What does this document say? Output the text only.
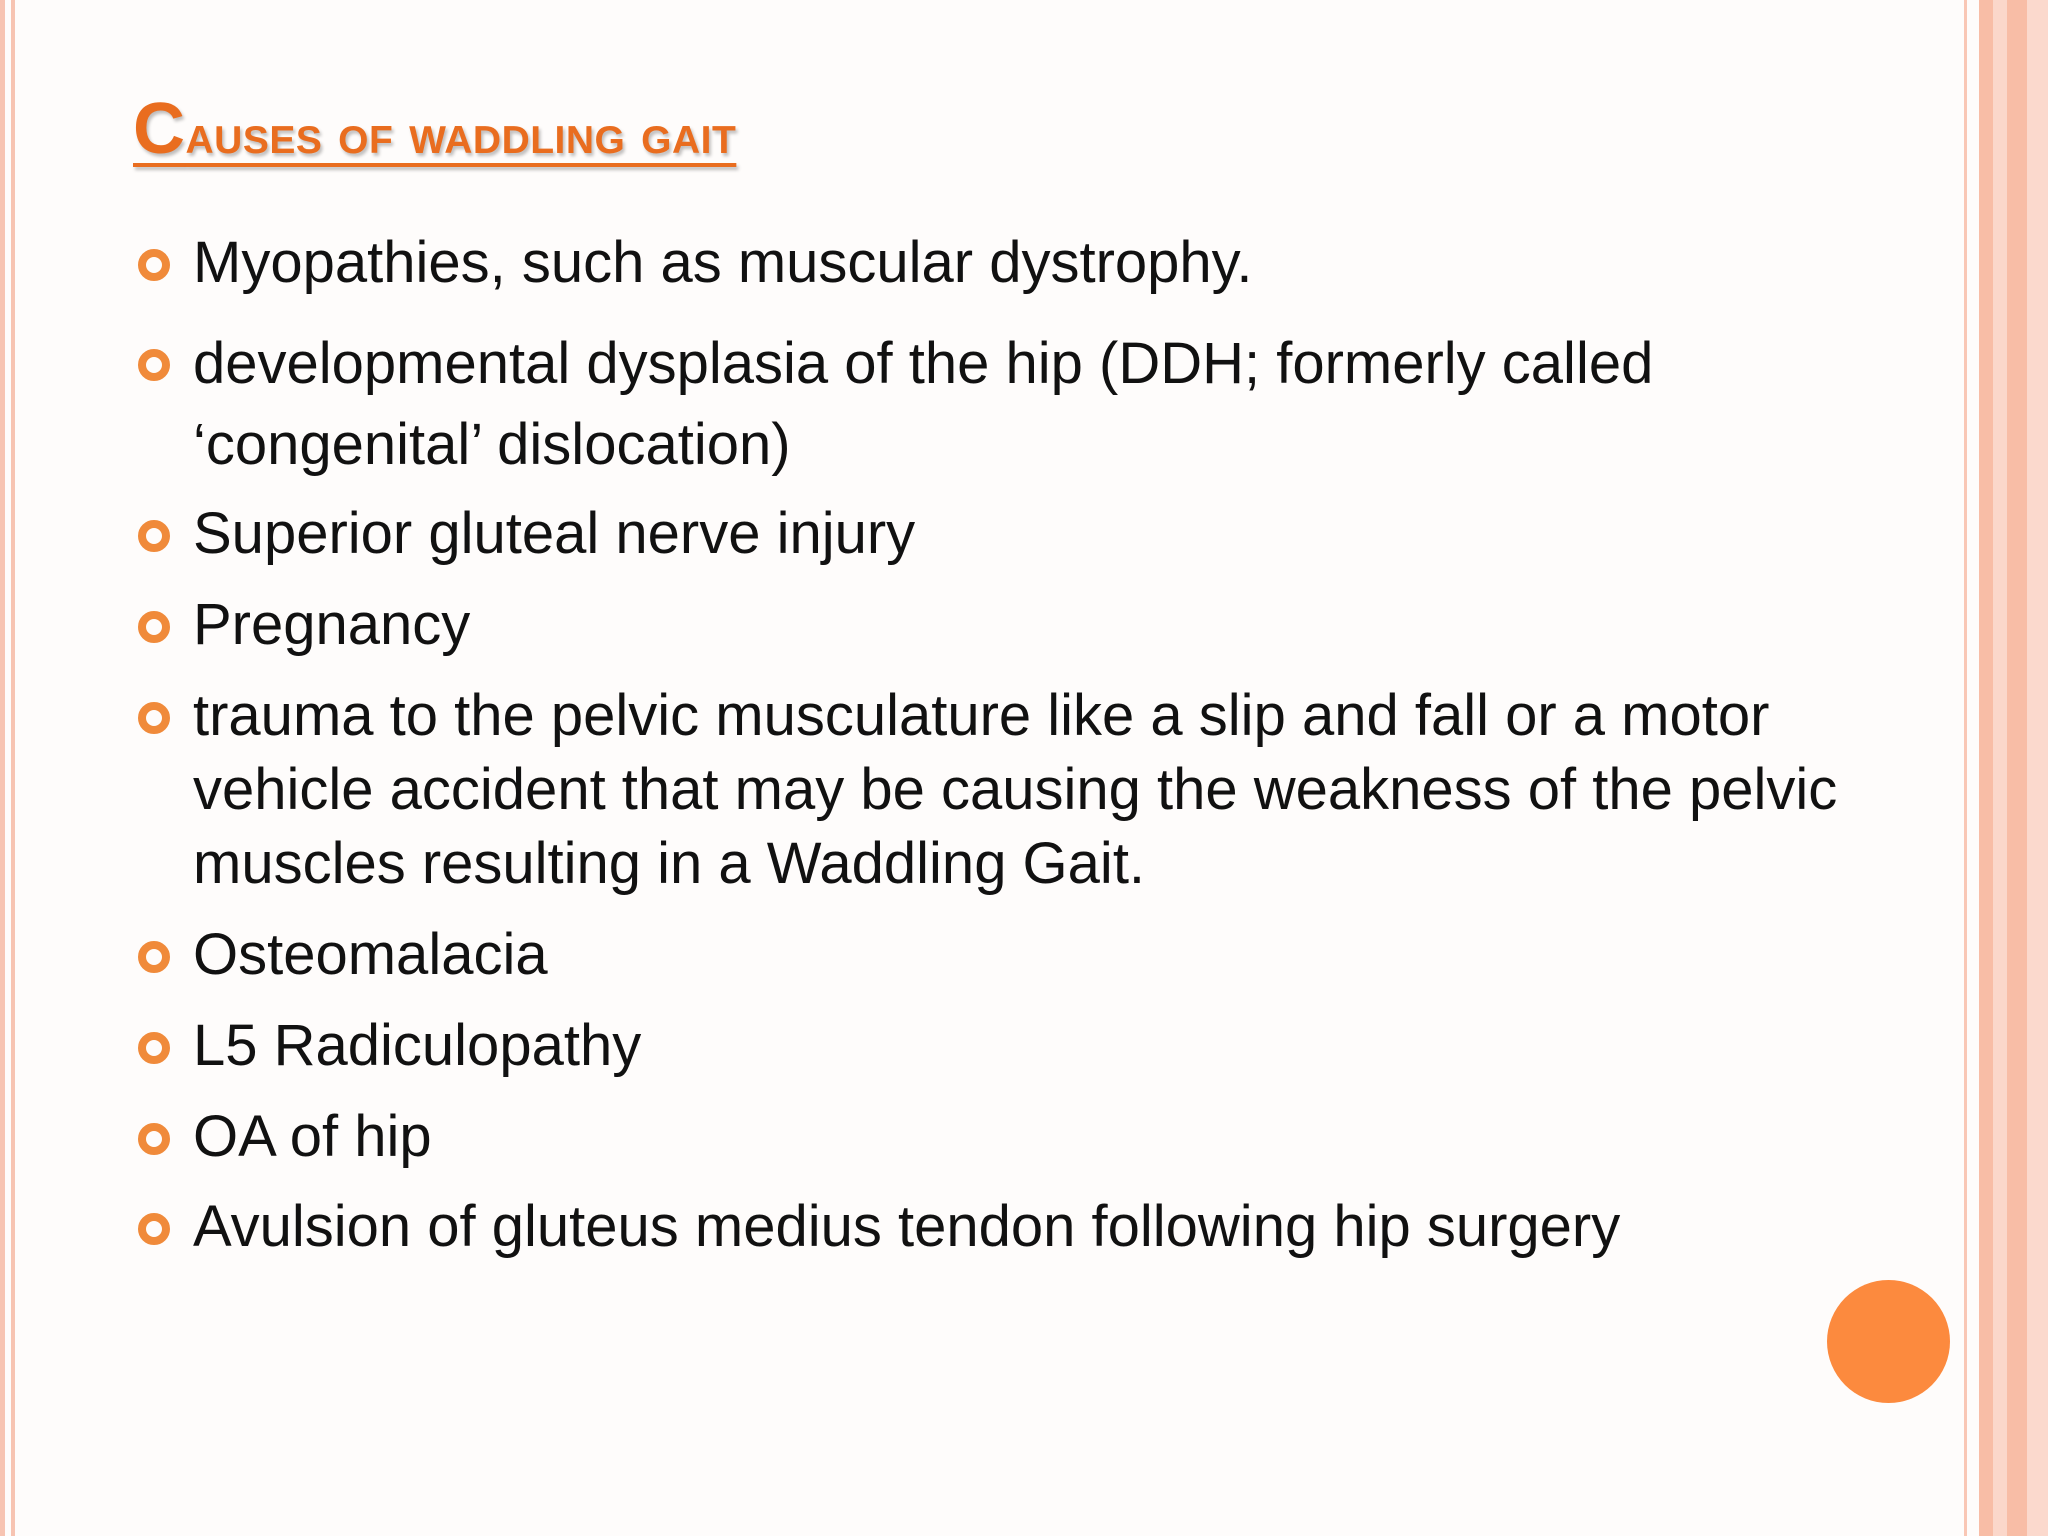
Causes of waddling gait
Myopathies, such as muscular dystrophy.
developmental dysplasia of the hip (DDH; formerly called ‘congenital’ dislocation)
Superior gluteal nerve injury
Pregnancy
trauma to the pelvic musculature like a slip and fall or a motor vehicle accident that may be causing the weakness of the pelvic muscles resulting in a Waddling Gait.
Osteomalacia
L5 Radiculopathy
OA of hip
Avulsion of gluteus medius tendon following hip surgery
